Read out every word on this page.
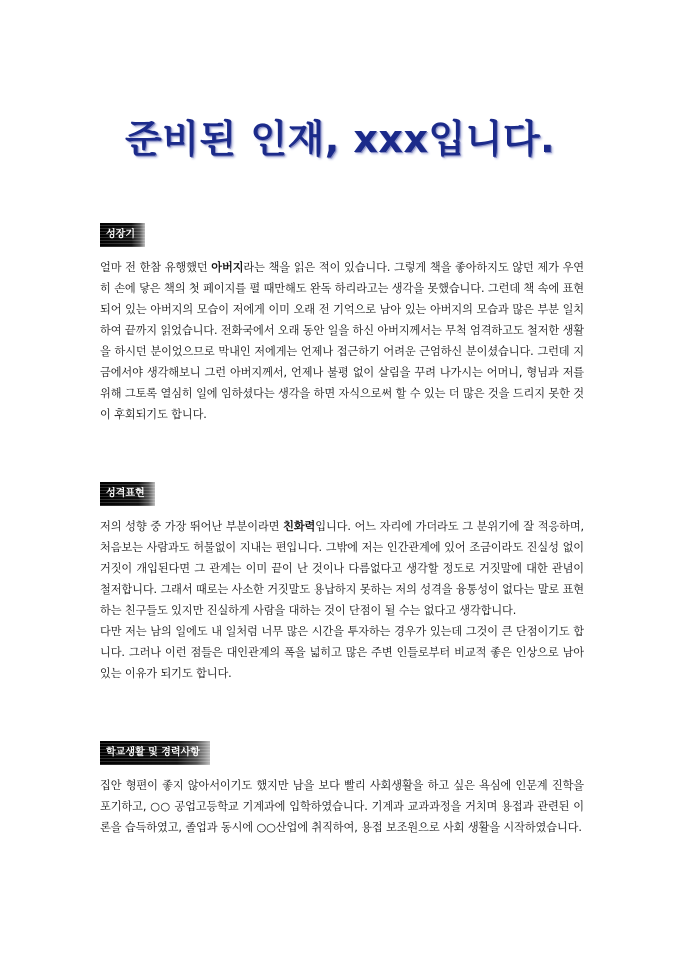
준비된 인재, xxx입니다.
성장기

얼마 전 한참 유행했던 아버지라는 책을 읽은 적이 있습니다. 그렇게 책을 좋아하지도 않던 제가 우연히 손에 닿은 책의 첫 페이지를 펼 때만해도 완독 하리라고는 생각을 못했습니다. 그런데 책 속에 표현되어 있는 아버지의 모습이 저에게 이미 오래 전 기억으로 남아 있는 아버지의 모습과 많은 부분 일치하여 끝까지 읽었습니다. 전화국에서 오래 동안 일을 하신 아버지께서는 무척 엄격하고도 철저한 생활을 하시던 분이었으므로 막내인 저에게는 언제나 접근하기 어려운 근엄하신 분이셨습니다. 그런데 지금에서야 생각해보니 그런 아버지께서, 언제나 불평 없이 살림을 꾸려 나가시는 어머니, 형님과 저를 위해 그토록 열심히 일에 임하셨다는 생각을 하면 자식으로써 할 수 있는 더 많은 것을 드리지 못한 것이 후회되기도 합니다.

성격표현

저의 성향 중 가장 뛰어난 부분이라면 친화력입니다. 어느 자리에 가더라도 그 분위기에 잘 적응하며, 처음보는 사람과도 허물없이 지내는 편입니다. 그밖에 저는 인간관계에 있어 조금이라도 진실성 없이 거짓이 개입된다면 그 관계는 이미 끝이 난 것이나 다름없다고 생각할 정도로 거짓말에 대한 관념이 철저합니다. 그래서 때로는 사소한 거짓말도 용납하지 못하는 저의 성격을 융통성이 없다는 말로 표현하는 친구들도 있지만 진실하게 사람을 대하는 것이 단점이 될 수는 없다고 생각합니다.

다만 저는 남의 일에도 내 일처럼 너무 많은 시간을 투자하는 경우가 있는데 그것이 큰 단점이기도 합니다. 그러나 이런 점들은 대인관계의 폭을 넓히고 많은 주변 인들로부터 비교적 좋은 인상으로 남아있는 이유가 되기도 합니다.

학교생활 및 경력사항

집안 형편이 좋지 않아서이기도 했지만 남을 보다 빨리 사회생활을 하고 싶은 욕심에 인문계 진학을 포기하고, ○○ 공업고등학교 기계과에 입학하였습니다. 기계과 교과과정을 거치며 용접과 관련된 이론을 습득하였고, 졸업과 동시에 ○○산업에 취직하여, 용접 보조원으로 사회 생활을 시작하였습니다.
